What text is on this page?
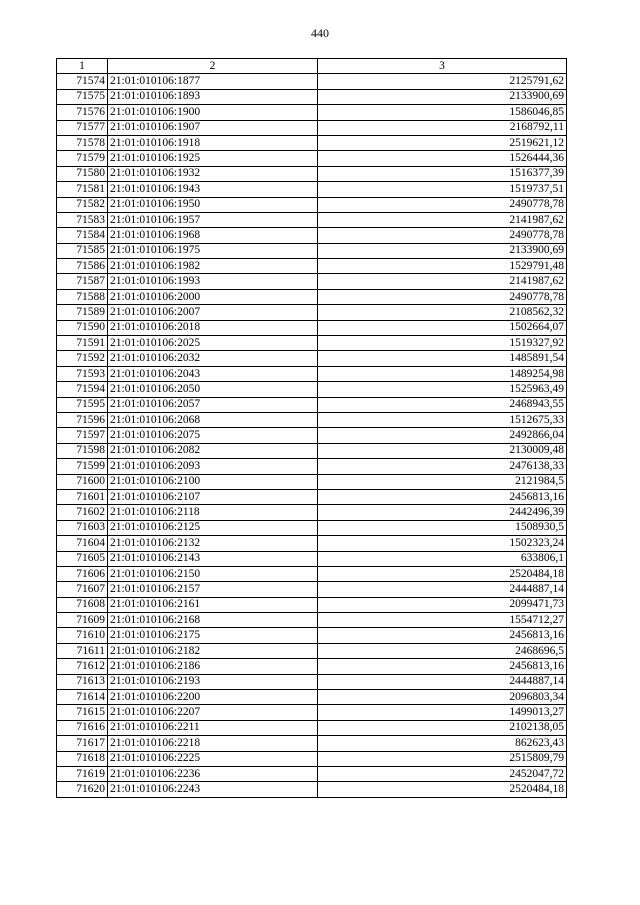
440
1	2	3
71574	21:01:010106:1877	2125791,62
71575	21:01:010106:1893	2133900,69
71576	21:01:010106:1900	1586046,85
71577	21:01:010106:1907	2168792,11
71578	21:01:010106:1918	2519621,12
71579	21:01:010106:1925	1526444,36
71580	21:01:010106:1932	1516377,39
71581	21:01:010106:1943	1519737,51
71582	21:01:010106:1950	2490778,78
71583	21:01:010106:1957	2141987,62
71584	21:01:010106:1968	2490778,78
71585	21:01:010106:1975	2133900,69
71586	21:01:010106:1982	1529791,48
71587	21:01:010106:1993	2141987,62
71588	21:01:010106:2000	2490778,78
71589	21:01:010106:2007	2108562,32
71590	21:01:010106:2018	1502664,07
71591	21:01:010106:2025	1519327,92
71592	21:01:010106:2032	1485891,54
71593	21:01:010106:2043	1489254,98
71594	21:01:010106:2050	1525963,49
71595	21:01:010106:2057	2468943,55
71596	21:01:010106:2068	1512675,33
71597	21:01:010106:2075	2492866,04
71598	21:01:010106:2082	2130009,48
71599	21:01:010106:2093	2476138,33
71600	21:01:010106:2100	2121984,5
71601	21:01:010106:2107	2456813,16
71602	21:01:010106:2118	2442496,39
71603	21:01:010106:2125	1508930,5
71604	21:01:010106:2132	1502323,24
71605	21:01:010106:2143	633806,1
71606	21:01:010106:2150	2520484,18
71607	21:01:010106:2157	2444887,14
71608	21:01:010106:2161	2099471,73
71609	21:01:010106:2168	1554712,27
71610	21:01:010106:2175	2456813,16
71611	21:01:010106:2182	2468696,5
71612	21:01:010106:2186	2456813,16
71613	21:01:010106:2193	2444887,14
71614	21:01:010106:2200	2096803,34
71615	21:01:010106:2207	1499013,27
71616	21:01:010106:2211	2102138,05
71617	21:01:010106:2218	862623,43
71618	21:01:010106:2225	2515809,79
71619	21:01:010106:2236	2452047,72
71620	21:01:010106:2243	2520484,18
